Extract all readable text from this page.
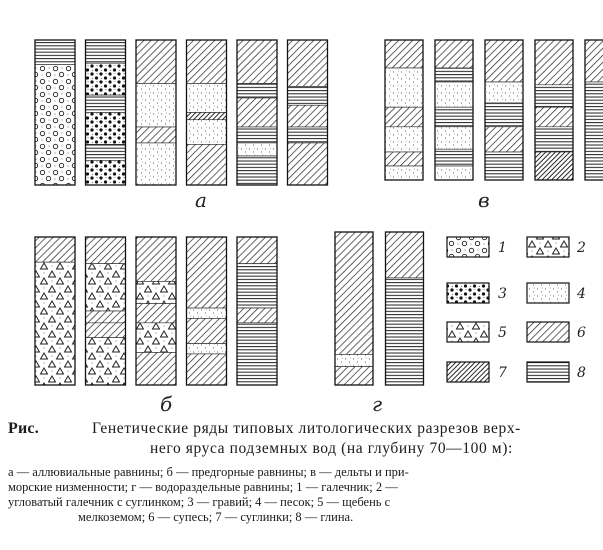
а	в
б	г
1	2
3	4
5	6
7	8
Рис.	Генетические ряды типовых литологических разрезов верх-
него яруса подземных вод (на глубину 70—100 м):
а — аллювиальные равнины; б — предгорные равнины; в — дельты и при-
морские низменности; г — водораздельные равнины; 1 — галечник; 2 —
угловатый галечник с суглинком; 3 — гравий; 4 — песок; 5 — щебень с
мелкоземом; 6 — супесь; 7 — суглинки; 8 — глина.
